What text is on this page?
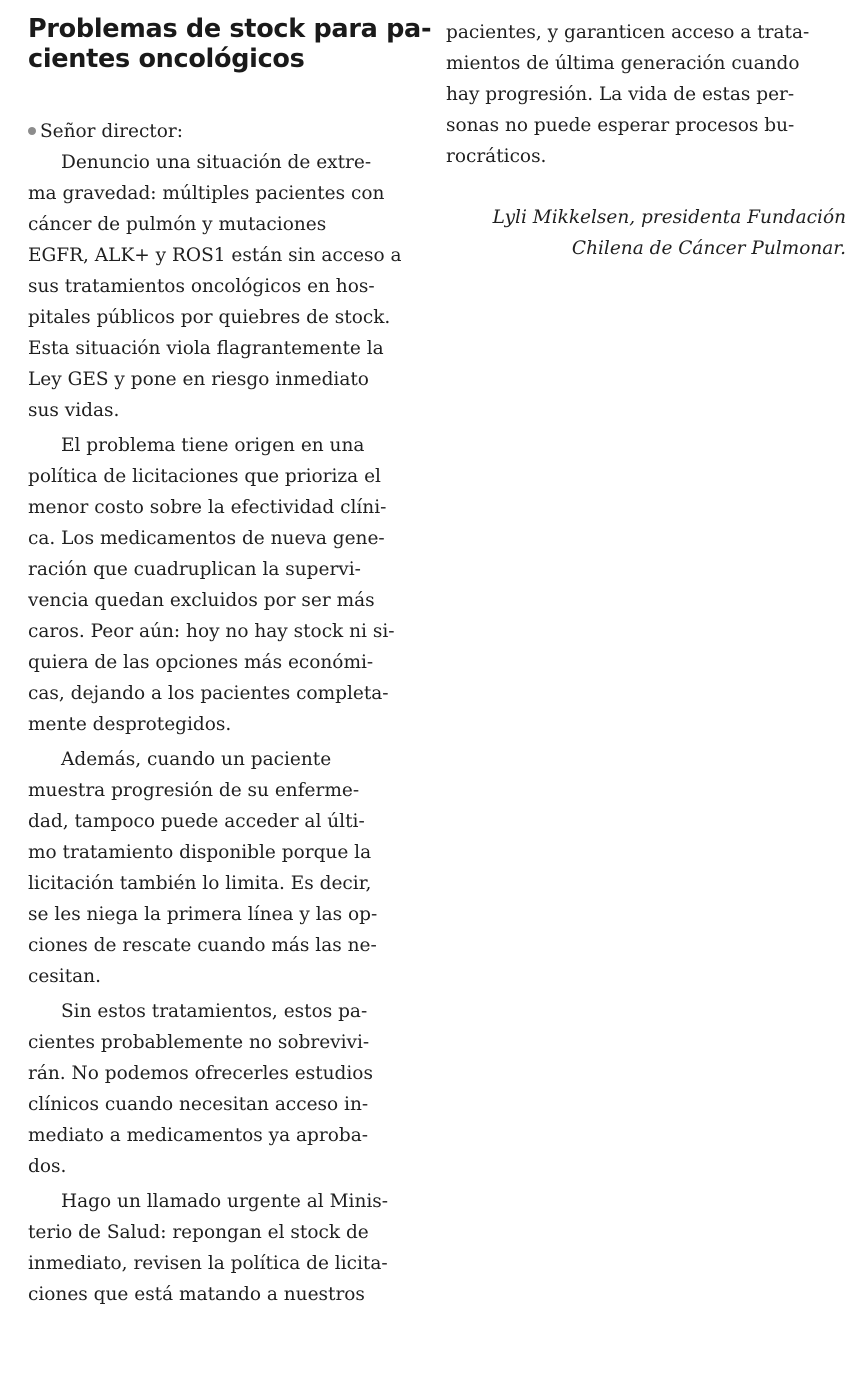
Problemas de stock para pa-
cientes oncológicos
Señor director:
Denuncio una situación de extre-
ma gravedad: múltiples pacientes con
cáncer de pulmón y mutaciones
EGFR, ALK+ y ROS1 están sin acceso a
sus tratamientos oncológicos en hos-
pitales públicos por quiebres de stock.
Esta situación viola flagrantemente la
Ley GES y pone en riesgo inmediato
sus vidas.
El problema tiene origen en una
política de licitaciones que prioriza el
menor costo sobre la efectividad clíni-
ca. Los medicamentos de nueva gene-
ración que cuadruplican la supervi-
vencia quedan excluidos por ser más
caros. Peor aún: hoy no hay stock ni si-
quiera de las opciones más económi-
cas, dejando a los pacientes completa-
mente desprotegidos.
Además, cuando un paciente
muestra progresión de su enferme-
dad, tampoco puede acceder al últi-
mo tratamiento disponible porque la
licitación también lo limita. Es decir,
se les niega la primera línea y las op-
ciones de rescate cuando más las ne-
cesitan.
Sin estos tratamientos, estos pa-
cientes probablemente no sobrevivi-
rán. No podemos ofrecerles estudios
clínicos cuando necesitan acceso in-
mediato a medicamentos ya aproba-
dos.
Hago un llamado urgente al Minis-
terio de Salud: repongan el stock de
inmediato, revisen la política de licita-
ciones que está matando a nuestros
pacientes, y garanticen acceso a trata-
mientos de última generación cuando
hay progresión. La vida de estas per-
sonas no puede esperar procesos bu-
rocráticos.
Lyli Mikkelsen, presidenta Fundación
Chilena de Cáncer Pulmonar.
